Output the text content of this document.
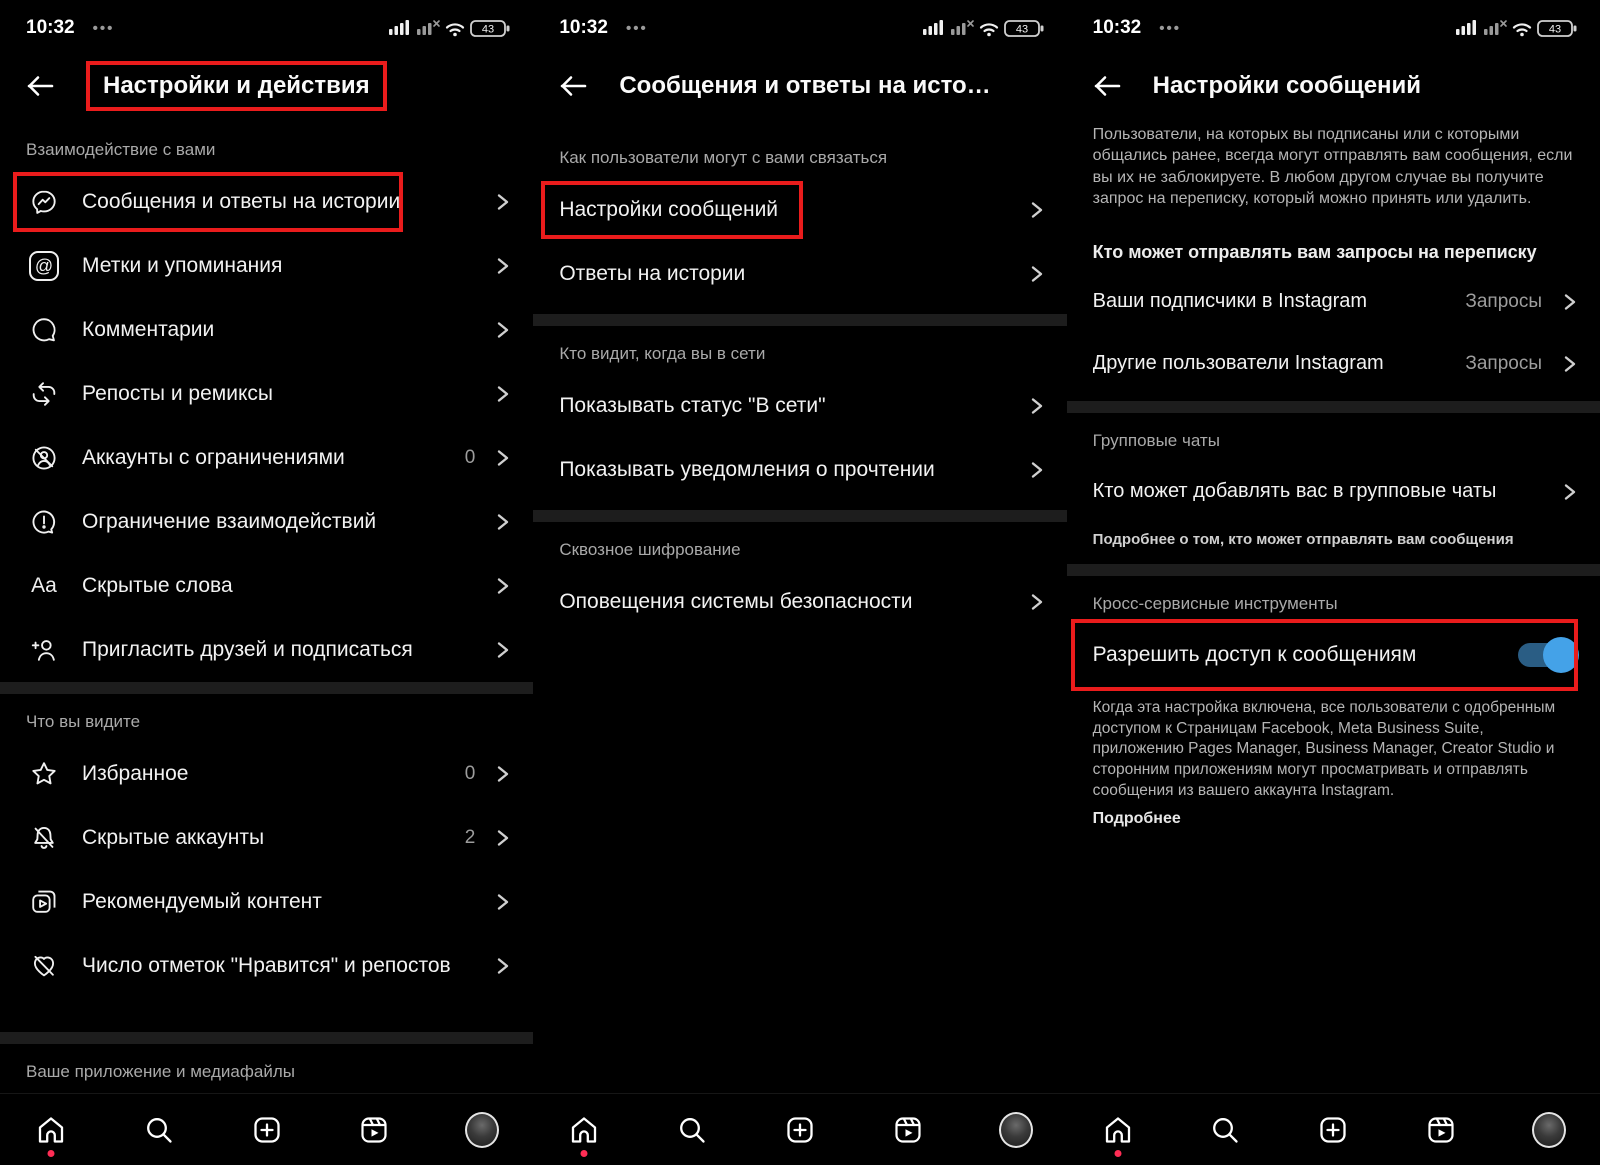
10:32 •••	43
Настройки и действия
Взаимодействие с вами
Сообщения и ответы на истории
@ Метки и упоминания
Комментарии
Репосты и ремиксы
Аккаунты с ограничениями	0
Ограничение взаимодействий
Aa Скрытые слова
Пригласить друзей и подписаться
Что вы видите
Избранное	0
Скрытые аккаунты	2
Рекомендуемый контент
Число отметок "Нравится" и репостов
Ваше приложение и медиафайлы
10:32 •••	43
Сообщения и ответы на исто…
Как пользователи могут с вами связаться
Настройки сообщений
Ответы на истории
Кто видит, когда вы в сети
Показывать статус "В сети"
Показывать уведомления о прочтении
Сквозное шифрование
Оповещения системы безопасности
10:32 •••	43
Настройки сообщений
Пользователи, на которых вы подписаны или с которыми общались ранее, всегда могут отправлять вам сообщения, если вы их не заблокируете. В любом другом случае вы получите запрос на переписку, который можно принять или удалить.
Кто может отправлять вам запросы на переписку
Ваши подписчики в Instagram	Запросы
Другие пользователи Instagram	Запросы
Групповые чаты
Кто может добавлять вас в групповые чаты
Подробнее о том, кто может отправлять вам сообщения
Кросс-сервисные инструменты
Разрешить доступ к сообщениям
Когда эта настройка включена, все пользователи с одобренным доступом к Страницам Facebook, Meta Business Suite, приложению Pages Manager, Business Manager, Creator Studio и сторонним приложениям могут просматривать и отправлять сообщения из вашего аккаунта Instagram.
Подробнее
